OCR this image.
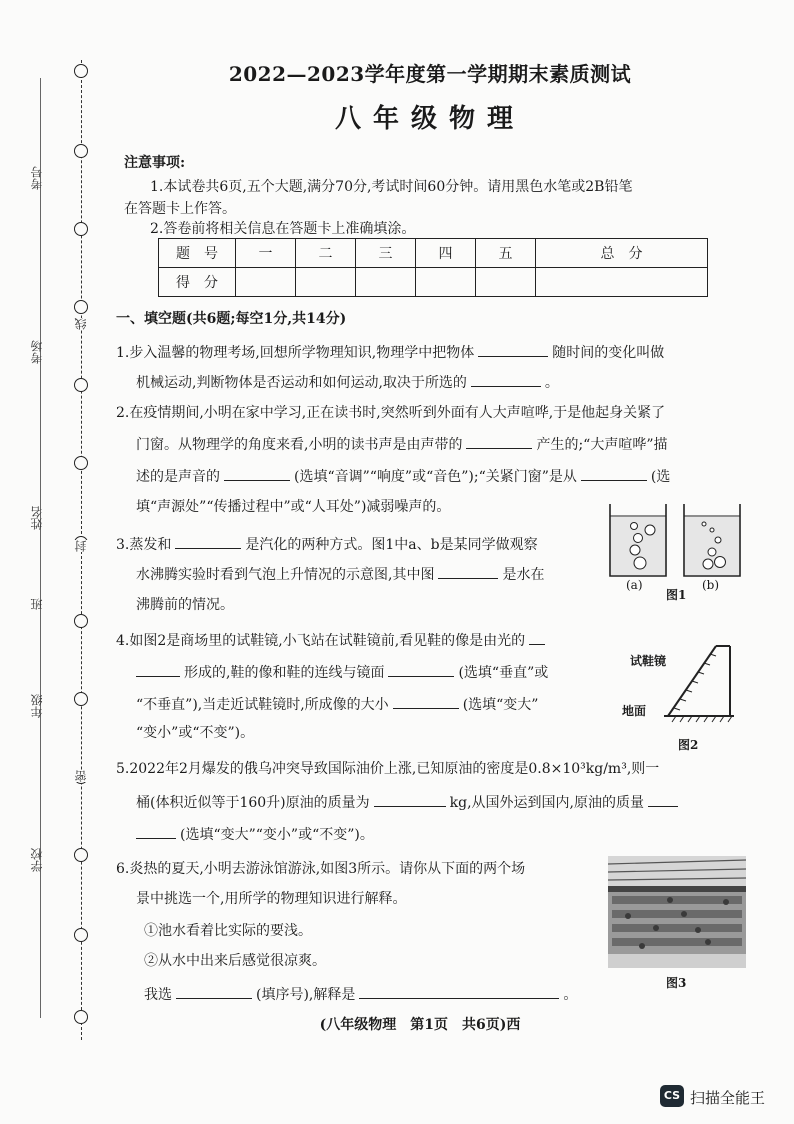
考号
考场
姓名
班
年级
学校
线
封
密
2022—2023学年度第一学期期末素质测试
八年级物理
注意事项:
1.本试卷共6页,五个大题,满分70分,考试时间60分钟。请用黑色水笔或2B铅笔
在答题卡上作答。
2.答卷前将相关信息在答题卡上准确填涂。
题　号	一	二	三	四	五	总　分
得　分						
一、填空题(共6题;每空1分,共14分)
1.步入温馨的物理考场,回想所学物理知识,物理学中把物体	随时间的变化叫做
机械运动,判断物体是否运动和如何运动,取决于所选的	。
2.在疫情期间,小明在家中学习,正在读书时,突然听到外面有人大声喧哗,于是他起身关紧了
门窗。从物理学的角度来看,小明的读书声是由声带的	产生的;“大声喧哗”描
述的是声音的	(选填“音调”“响度”或“音色”);“关紧门窗”是从	(选
填“声源处”“传播过程中”或“人耳处”)减弱噪声的。
3.蒸发和	是汽化的两种方式。图1中a、b是某同学做观察
水沸腾实验时看到气泡上升情况的示意图,其中图	是水在
沸腾前的情况。
(a)	(b)
图1
4.如图2是商场里的试鞋镜,小飞站在试鞋镜前,看见鞋的像是由光的
形成的,鞋的像和鞋的连线与镜面	(选填“垂直”或
“不垂直”),当走近试鞋镜时,所成像的大小	(选填“变大”
“变小”或“不变”)。
试鞋镜
地面
图2
5.2022年2月爆发的俄乌冲突导致国际油价上涨,已知原油的密度是0.8×10³kg/m³,则一
桶(体积近似等于160升)原油的质量为	kg,从国外运到国内,原油的质量
(选填“变大”“变小”或“不变”)。
6.炎热的夏天,小明去游泳馆游泳,如图3所示。请你从下面的两个场
景中挑选一个,用所学的物理知识进行解释。
①池水看着比实际的要浅。
②从水中出来后感觉很凉爽。
我选	(填序号),解释是	。
图3
(八年级物理　第1页　共6页)西
CS 扫描全能王
